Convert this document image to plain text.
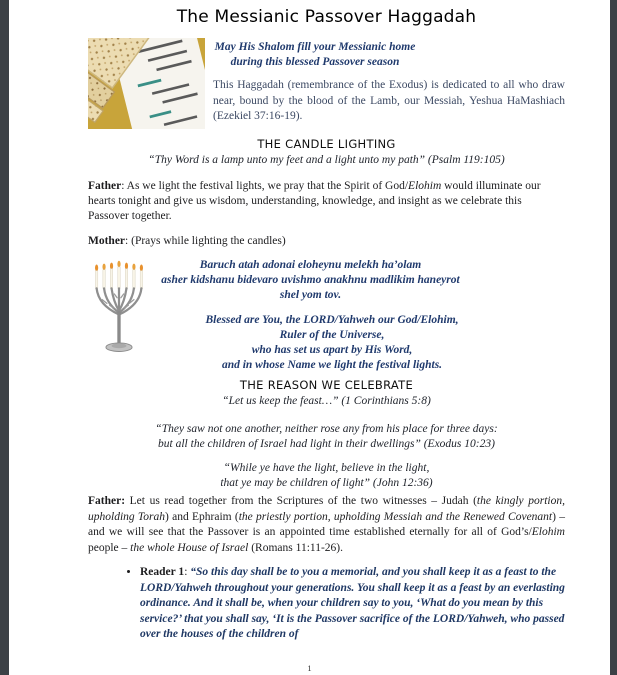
The Messianic Passover Haggadah
May His Shalom fill your Messianic home
during this blessed Passover season
This Haggadah (remembrance of the Exodus) is dedicated to all who draw near, bound by the blood of the Lamb, our Messiah, Yeshua HaMashiach (Ezekiel 37:16-19).
THE CANDLE LIGHTING
“Thy Word is a lamp unto my feet and a light unto my path” (Psalm 119:105)
Father: As we light the festival lights, we pray that the Spirit of God/Elohim would illuminate our hearts tonight and give us wisdom, understanding, knowledge, and insight as we celebrate this Passover together.
Mother: (Prays while lighting the candles)
Baruch atah adonai eloheynu melekh ha’olam
asher kidshanu bidevaro uvishmo anakhnu madlikim haneyrot
shel yom tov.
Blessed are You, the LORD/Yahweh our God/Elohim,
Ruler of the Universe,
who has set us apart by His Word,
and in whose Name we light the festival lights.
THE REASON WE CELEBRATE
“Let us keep the feast…” (1 Corinthians 5:8)
“They saw not one another, neither rose any from his place for three days:
but all the children of Israel had light in their dwellings” (Exodus 10:23)
“While ye have the light, believe in the light,
that ye may be children of light” (John 12:36)
Father: Let us read together from the Scriptures of the two witnesses – Judah (the kingly portion, upholding Torah) and Ephraim (the priestly portion, upholding Messiah and the Renewed Covenant) – and we will see that the Passover is an appointed time established eternally for all of God’s/Elohim people – the whole House of Israel (Romans 11:11-26).
• Reader 1: “So this day shall be to you a memorial, and you shall keep it as a feast to the LORD/Yahweh throughout your generations. You shall keep it as a feast by an everlasting ordinance. And it shall be, when your children say to you, ‘What do you mean by this service?’ that you shall say, ‘It is the Passover sacrifice of the LORD/Yahweh, who passed over the houses of the children of
1
